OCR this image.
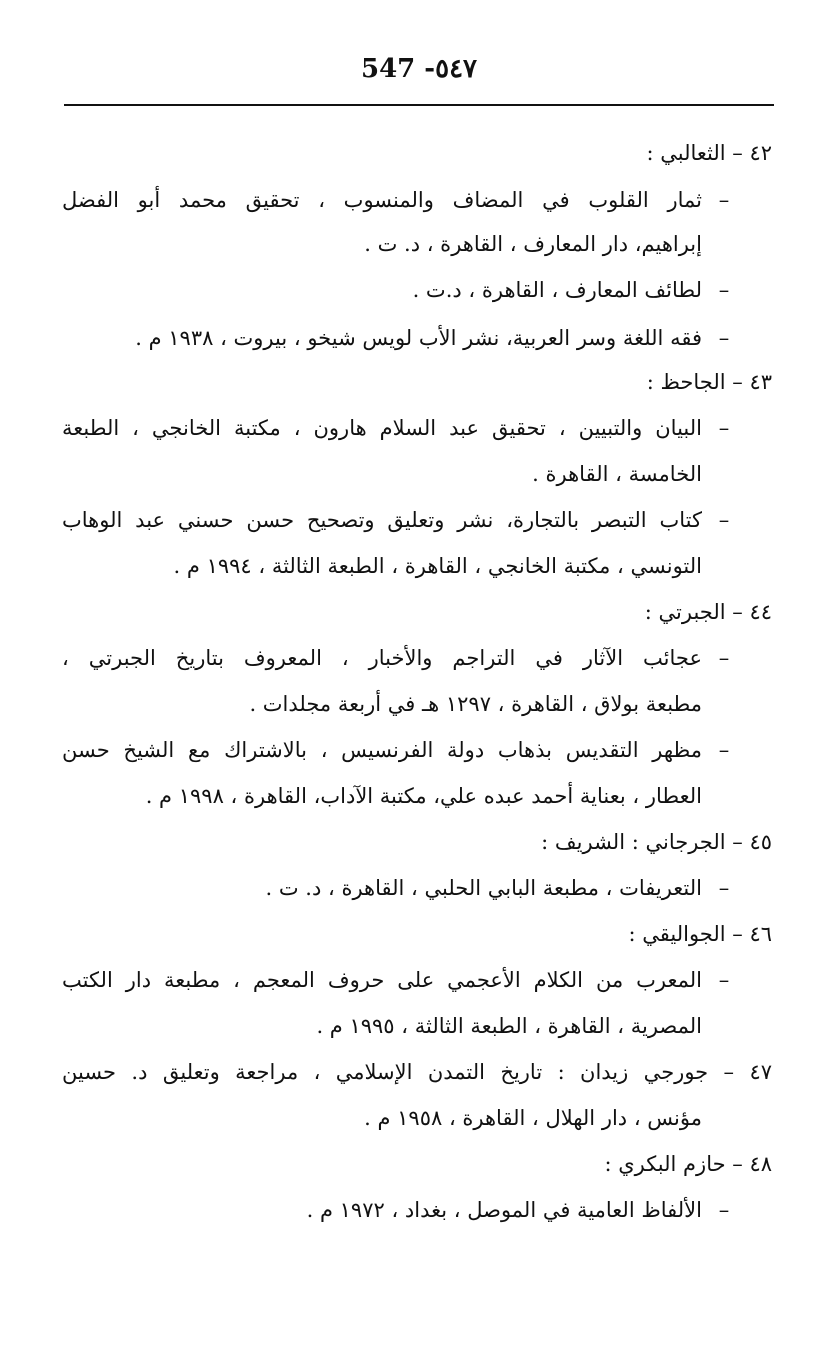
547 -٥٤٧
٤٢ – الثعالبي :
–
ثمار القلوب في المضاف والمنسوب ، تحقيق محمد أبو الفضل
إبراهيم، دار المعارف ، القاهرة ، د. ت .
–
لطائف المعارف ، القاهرة ، د.ت .
–
فقه اللغة وسر العربية، نشر الأب لويس شيخو ، بيروت ، ١٩٣٨ م .
٤٣ – الجاحظ :
–
البيان والتبيين ، تحقيق عبد السلام هارون ، مكتبة الخانجي ، الطبعة
الخامسة ، القاهرة .
–
كتاب التبصر بالتجارة، نشر وتعليق وتصحيح حسن حسني عبد الوهاب
التونسي ، مكتبة الخانجي ، القاهرة ، الطبعة الثالثة ، ١٩٩٤ م .
٤٤ – الجبرتي :
–
عجائب الآثار في التراجم والأخبار ، المعروف بتاريخ الجبرتي ،
مطبعة بولاق ، القاهرة ، ١٢٩٧ هـ في أربعة مجلدات .
–
مظهر التقديس بذهاب دولة الفرنسيس ، بالاشتراك مع الشيخ حسن
العطار ، بعناية أحمد عبده علي، مكتبة الآداب، القاهرة ، ١٩٩٨ م .
٤٥ – الجرجاني : الشريف :
–
التعريفات ، مطبعة البابي الحلبي ، القاهرة ، د. ت .
٤٦ – الجواليقي :
–
المعرب من الكلام الأعجمي على حروف المعجم ، مطبعة دار الكتب
المصرية ، القاهرة ، الطبعة الثالثة ، ١٩٩٥ م .
٤٧ – جورجي زيدان : تاريخ التمدن الإسلامي ، مراجعة وتعليق د. حسين
مؤنس ، دار الهلال ، القاهرة ، ١٩٥٨ م .
٤٨ – حازم البكري :
–
الألفاظ العامية في الموصل ، بغداد ، ١٩٧٢ م .
